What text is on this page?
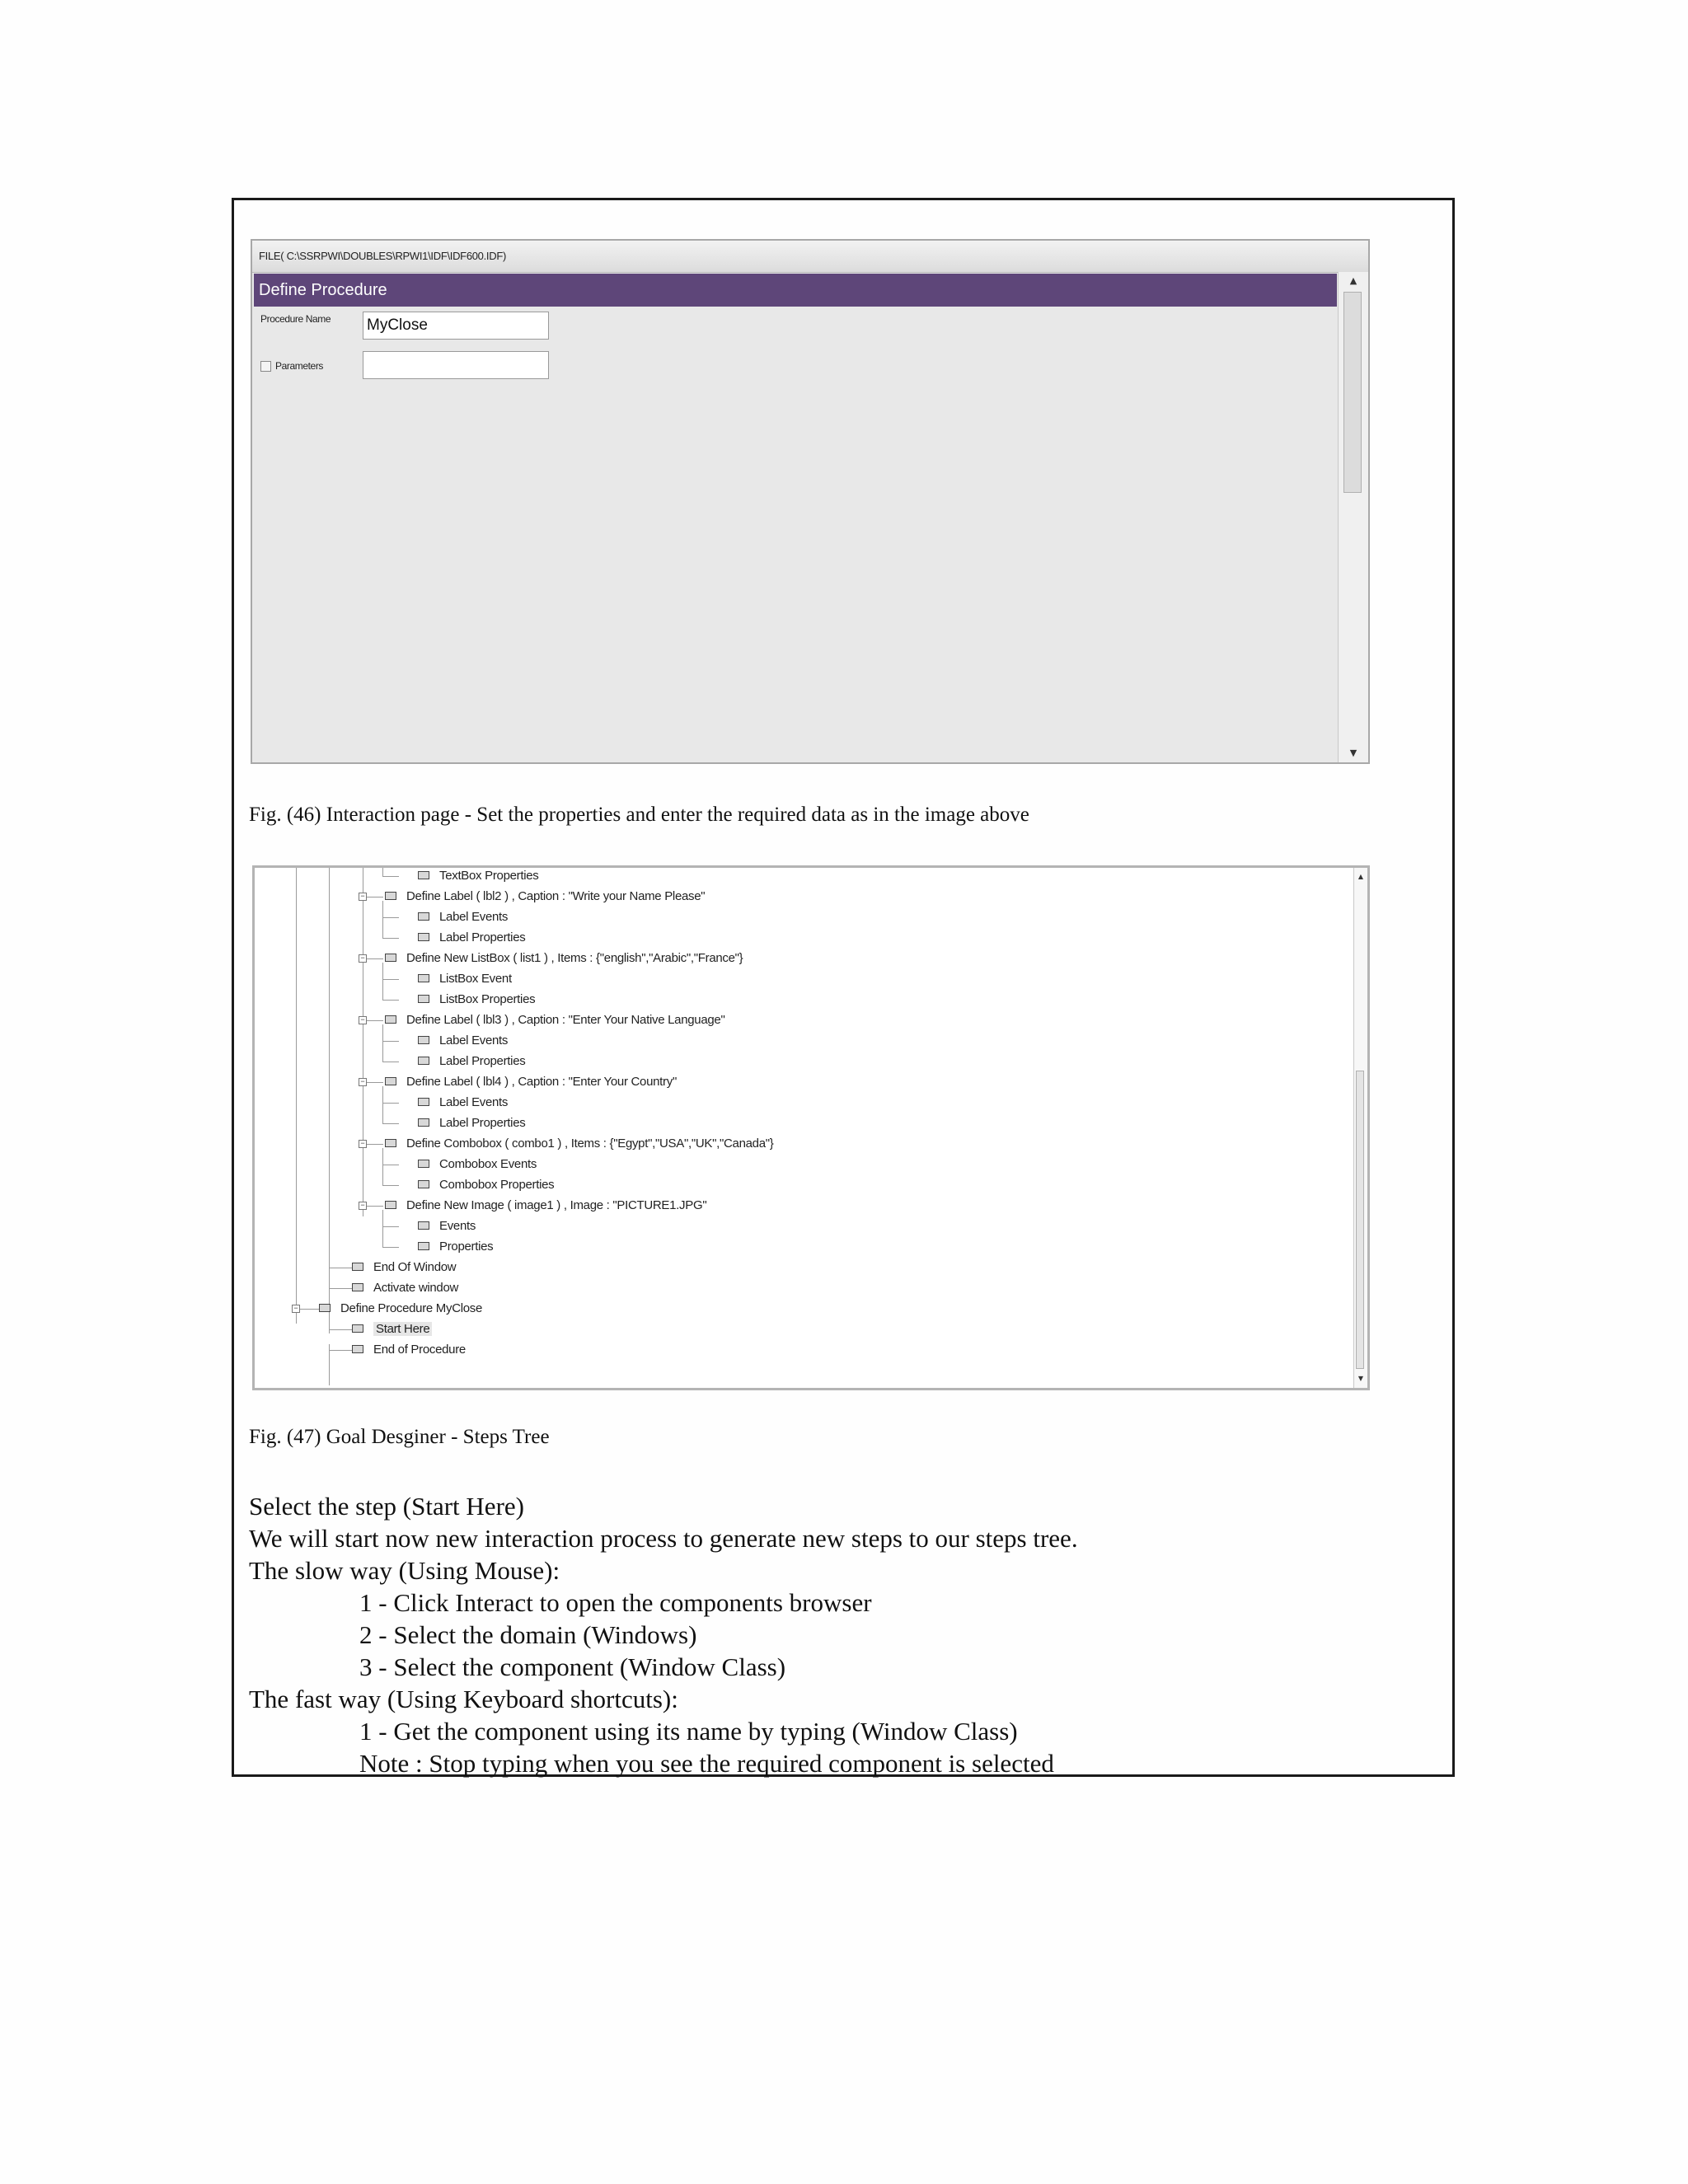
FILE( C:\SSRPWI\DOUBLES\RPWI1\IDF\IDF600.IDF)
Define Procedure
Procedure Name MyClose
Parameters
▲
▼
Fig. (46) Interaction page - Set the properties and enter the required data as in the image above
−
−
−
−
−
−
−
TextBox Properties
Define Label ( lbl2 ) , Caption : "Write your Name Please"
Label Events
Label Properties
Define New ListBox ( list1 ) , Items : {"english","Arabic","France"}
ListBox Event
ListBox Properties
Define Label ( lbl3 ) , Caption : "Enter Your Native Language"
Label Events
Label Properties
Define Label ( lbl4 ) , Caption : "Enter Your Country"
Label Events
Label Properties
Define Combobox ( combo1 ) , Items : {"Egypt","USA","UK","Canada"}
Combobox Events
Combobox Properties
Define New Image ( image1 ) , Image : "PICTURE1.JPG"
Events
Properties
End Of Window
Activate window
Define Procedure MyClose
Start Here
End of Procedure
▲
▼
Fig. (47) Goal Desginer - Steps Tree
Select the step (Start Here)
We will start now new interaction process to generate new steps to our steps tree.
The slow way (Using Mouse):
1 - Click Interact to open the components browser
2 - Select the domain (Windows)
3 - Select the component (Window Class)
The fast way (Using Keyboard shortcuts):
1 - Get the component using its name by typing (Window Class)
Note : Stop typing when you see the required component is selected
